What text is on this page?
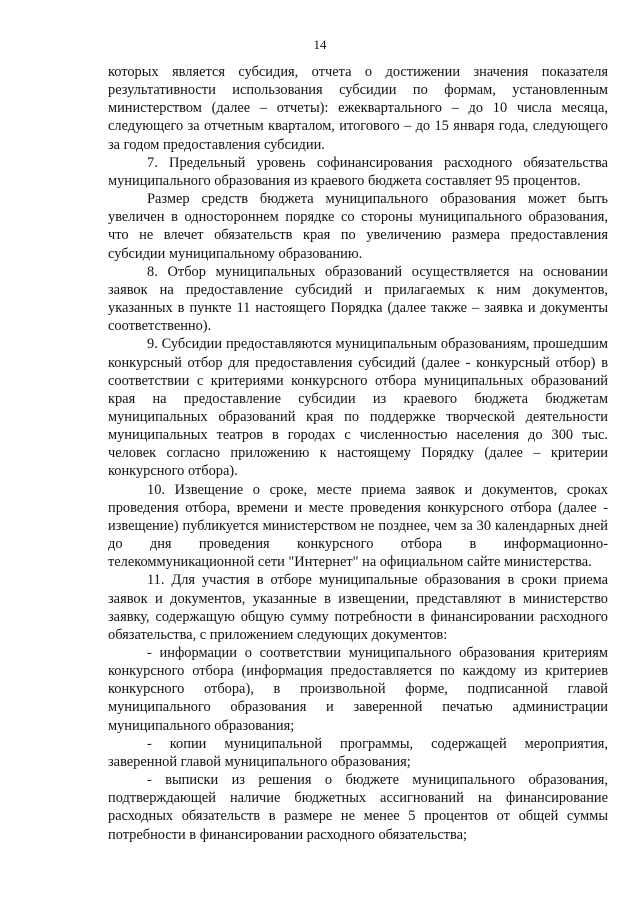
14

которых является субсидия, отчета о достижении значения показателя результативности использования субсидии по формам, установленным министерством (далее – отчеты): ежеквартального – до 10 числа месяца, следующего за отчетным кварталом, итогового – до 15 января года, следующего за годом предоставления субсидии.

7. Предельный уровень софинансирования расходного обязательства муниципального образования из краевого бюджета составляет 95 процентов.

Размер средств бюджета муниципального образования может быть увеличен в одностороннем порядке со стороны муниципального образования, что не влечет обязательств края по увеличению размера предоставления субсидии муниципальному образованию.

8. Отбор муниципальных образований осуществляется на основании заявок на предоставление субсидий и прилагаемых к ним документов, указанных в пункте 11 настоящего Порядка (далее также – заявка и документы соответственно).

9. Субсидии предоставляются муниципальным образованиям, прошедшим конкурсный отбор для предоставления субсидий (далее - конкурсный отбор) в соответствии с критериями конкурсного отбора муниципальных образований края на предоставление субсидии из краевого бюджета бюджетам муниципальных образований края по поддержке творческой деятельности муниципальных театров в городах с численностью населения до 300 тыс. человек согласно приложению к настоящему Порядку (далее – критерии конкурсного отбора).

10. Извещение о сроке, месте приема заявок и документов, сроках проведения отбора, времени и месте проведения конкурсного отбора (далее - извещение) публикуется министерством не позднее, чем за 30 календарных дней до дня проведения конкурсного отбора в информационно-телекоммуникационной сети "Интернет" на официальном сайте министерства.

11. Для участия в отборе муниципальные образования в сроки приема заявок и документов, указанные в извещении, представляют в министерство заявку, содержащую общую сумму потребности в финансировании расходного обязательства, с приложением следующих документов:

- информации о соответствии муниципального образования критериям конкурсного отбора (информация предоставляется по каждому из критериев конкурсного отбора), в произвольной форме, подписанной главой муниципального образования и заверенной печатью администрации муниципального образования;

- копии муниципальной программы, содержащей мероприятия, заверенной главой муниципального образования;

- выписки из решения о бюджете муниципального образования, подтверждающей наличие бюджетных ассигнований на финансирование расходных обязательств в размере не менее 5 процентов от общей суммы потребности в финансировании расходного обязательства;
